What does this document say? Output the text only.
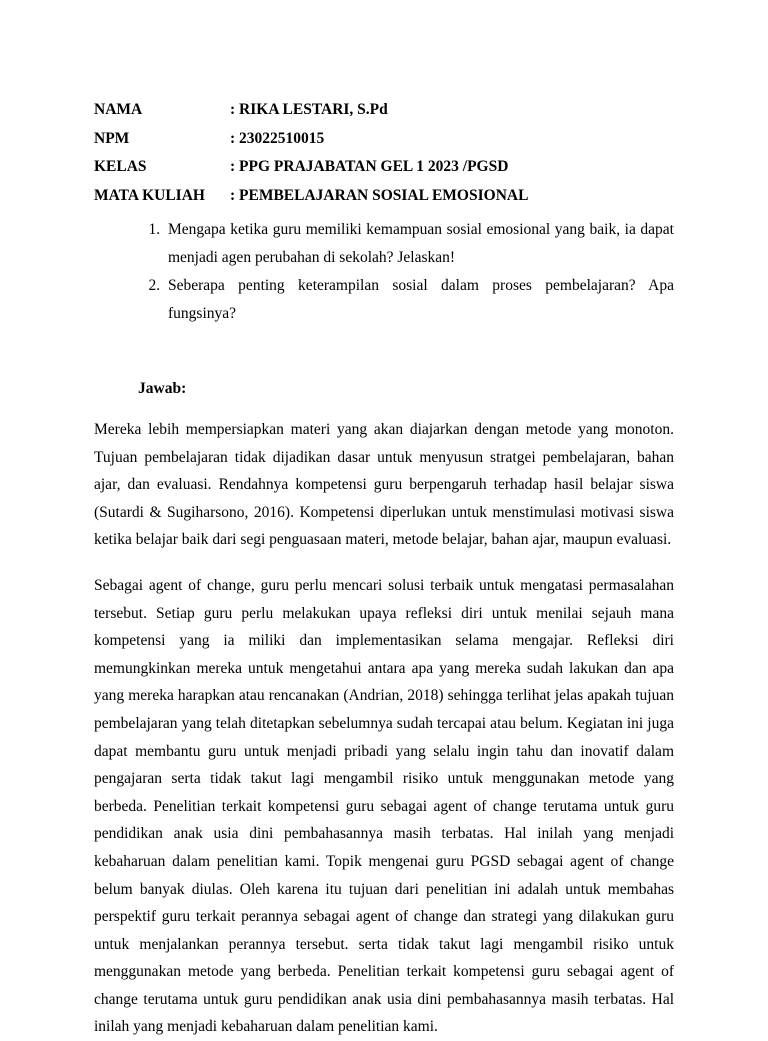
NAMA	: RIKA LESTARI, S.Pd
NPM	: 23022510015
KELAS	: PPG PRAJABATAN GEL 1 2023 /PGSD
MATA KULIAH	: PEMBELAJARAN SOSIAL EMOSIONAL
1. Mengapa ketika guru memiliki kemampuan sosial emosional yang baik, ia dapat menjadi agen perubahan di sekolah? Jelaskan!
2. Seberapa penting keterampilan sosial dalam proses pembelajaran? Apa fungsinya?
Jawab:

Mereka lebih mempersiapkan materi yang akan diajarkan dengan metode yang monoton. Tujuan pembelajaran tidak dijadikan dasar untuk menyusun stratgei pembelajaran, bahan ajar, dan evaluasi. Rendahnya kompetensi guru berpengaruh terhadap hasil belajar siswa (Sutardi & Sugiharsono, 2016). Kompetensi diperlukan untuk menstimulasi motivasi siswa ketika belajar baik dari segi penguasaan materi, metode belajar, bahan ajar, maupun evaluasi.

Sebagai agent of change, guru perlu mencari solusi terbaik untuk mengatasi permasalahan tersebut. Setiap guru perlu melakukan upaya refleksi diri untuk menilai sejauh mana kompetensi yang ia miliki dan implementasikan selama mengajar. Refleksi diri memungkinkan mereka untuk mengetahui antara apa yang mereka sudah lakukan dan apa yang mereka harapkan atau rencanakan (Andrian, 2018) sehingga terlihat jelas apakah tujuan pembelajaran yang telah ditetapkan sebelumnya sudah tercapai atau belum. Kegiatan ini juga dapat membantu guru untuk menjadi pribadi yang selalu ingin tahu dan inovatif dalam pengajaran serta tidak takut lagi mengambil risiko untuk menggunakan metode yang berbeda. Penelitian terkait kompetensi guru sebagai agent of change terutama untuk guru pendidikan anak usia dini pembahasannya masih terbatas. Hal inilah yang menjadi kebaharuan dalam penelitian kami. Topik mengenai guru PGSD sebagai agent of change belum banyak diulas. Oleh karena itu tujuan dari penelitian ini adalah untuk membahas perspektif guru terkait perannya sebagai agent of change dan strategi yang dilakukan guru untuk menjalankan perannya tersebut. serta tidak takut lagi mengambil risiko untuk menggunakan metode yang berbeda. Penelitian terkait kompetensi guru sebagai agent of change terutama untuk guru pendidikan anak usia dini pembahasannya masih terbatas. Hal inilah yang menjadi kebaharuan dalam penelitian kami.
